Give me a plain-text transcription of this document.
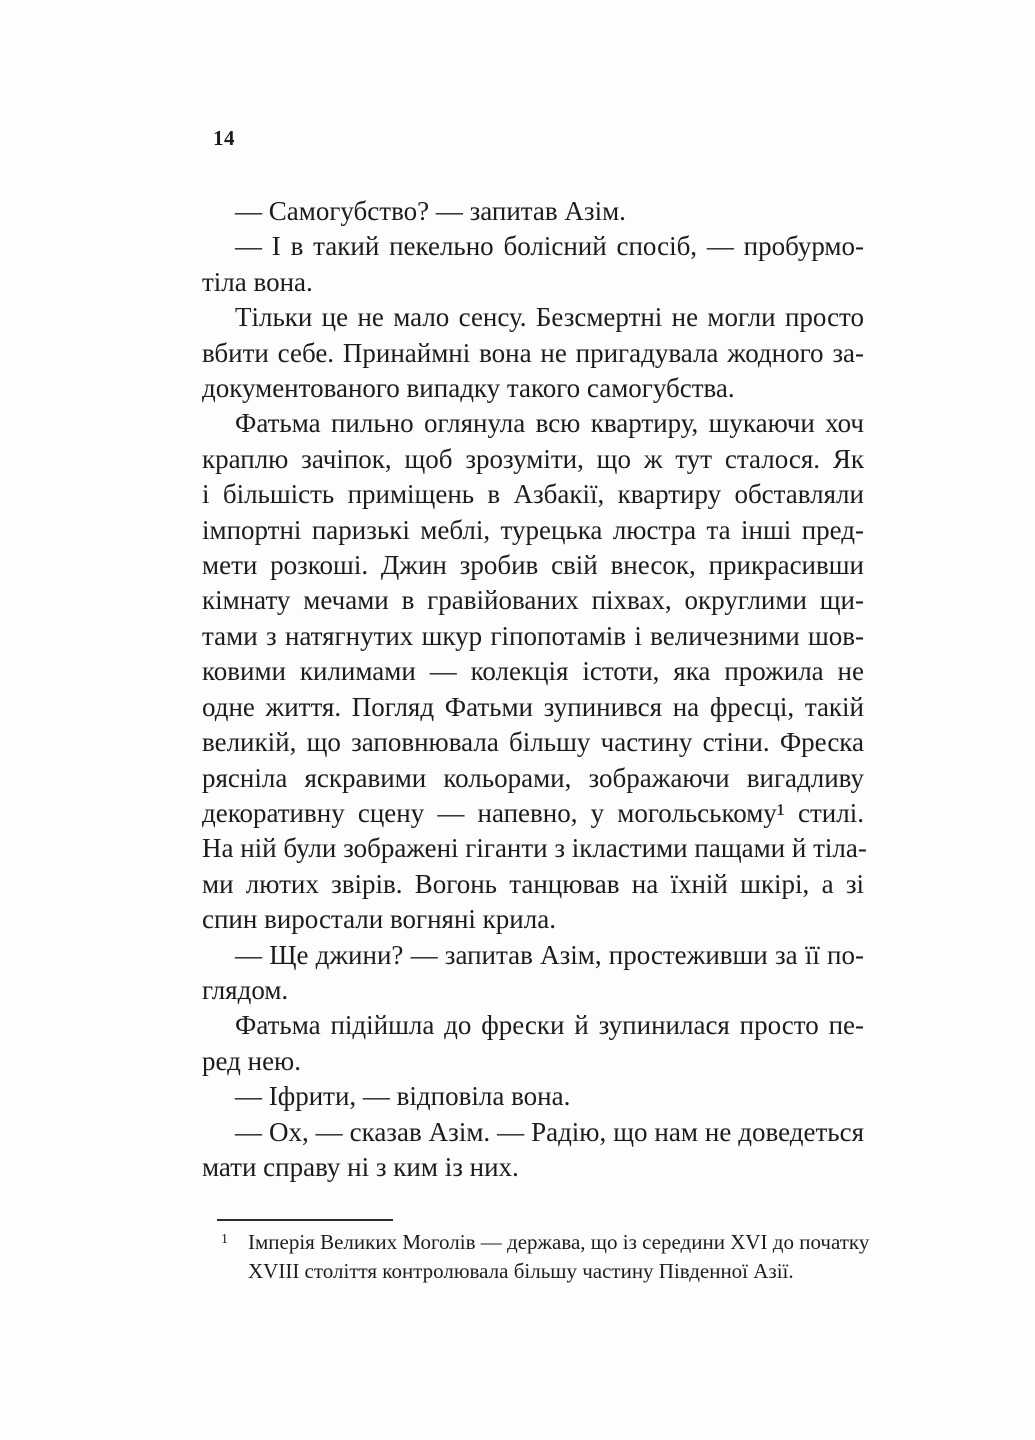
14

— Самогубство? — запитав Азім.

— І в такий пекельно болісний спосіб, — пробурмо-
тіла вона.

Тільки це не мало сенсу. Безсмертні не могли просто
вбити себе. Принаймні вона не пригадувала жодного за-
документованого випадку такого самогубства.

Фатьма пильно оглянула всю квартиру, шукаючи хоч
краплю зачіпок, щоб зрозуміти, що ж тут сталося. Як
і більшість приміщень в Азбакії, квартиру обставляли
імпортні паризькі меблі, турецька люстра та інші пред-
мети розкоші. Джин зробив свій внесок, прикрасивши
кімнату мечами в гравійованих піхвах, округлими щи-
тами з натягнутих шкур гіпопотамів і величезними шов-
ковими килимами — колекція істоти, яка прожила не
одне життя. Погляд Фатьми зупинився на фресці, такій
великій, що заповнювала більшу частину стіни. Фреска
рясніла яскравими кольорами, зображаючи вигадливу
декоративну сцену — напевно, у могольському¹ стилі.
На ній були зображені гіганти з ікластими пащами й тіла-
ми лютих звірів. Вогонь танцював на їхній шкірі, а зі
спин виростали вогняні крила.

— Ще джини? — запитав Азім, простеживши за її по-
глядом.

Фатьма підійшла до фрески й зупинилася просто пе-
ред нею.

— Іфрити, — відповіла вона.

— Ох, — сказав Азім. — Радію, що нам не доведеться
мати справу ні з ким із них.

1 Імперія Великих Моголів — держава, що із середини XVI до початку
XVIII століття контролювала більшу частину Південної Азії.
